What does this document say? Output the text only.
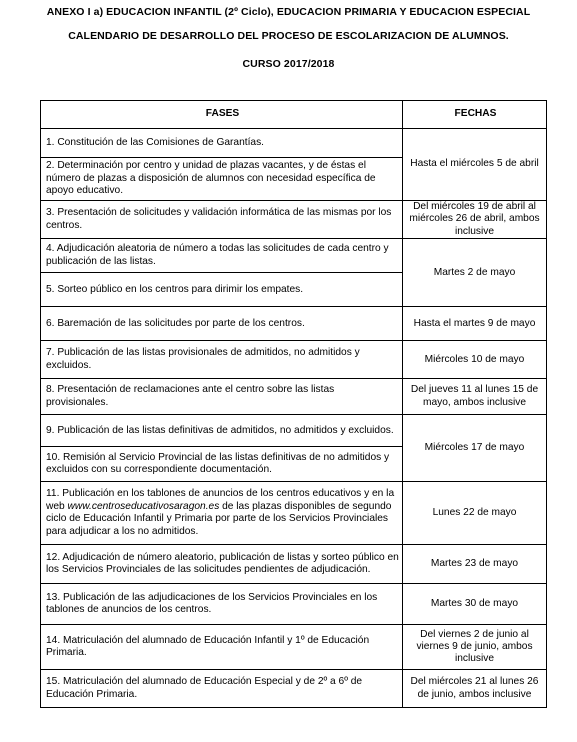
ANEXO I a) EDUCACION INFANTIL (2º Ciclo), EDUCACION PRIMARIA Y EDUCACION ESPECIAL
CALENDARIO DE DESARROLLO DEL PROCESO DE ESCOLARIZACION DE ALUMNOS.
CURSO 2017/2018
FASES	FECHAS
1. Constitución de las Comisiones de Garantías.	Hasta el miércoles 5 de abril
2. Determinación por centro y unidad de plazas vacantes, y de éstas el número de plazas a disposición de alumnos con necesidad específica de apoyo educativo.	
3. Presentación de solicitudes y validación informática de las mismas por los centros.	Del miércoles 19 de abril al miércoles 26 de abril, ambos inclusive
4. Adjudicación aleatoria de número a todas las solicitudes de cada centro y publicación de las listas.	Martes 2 de mayo
5. Sorteo público en los centros para dirimir los empates.	
6. Baremación de las solicitudes por parte de los centros.	Hasta el martes 9 de mayo
7. Publicación de las listas provisionales de admitidos, no admitidos y excluidos.	Miércoles 10 de mayo
8. Presentación de reclamaciones ante el centro sobre las listas provisionales.	Del jueves 11 al lunes 15 de mayo, ambos inclusive
9. Publicación de las listas definitivas de admitidos, no admitidos y excluidos.	Miércoles 17 de mayo
10. Remisión al Servicio Provincial de las listas definitivas de no admitidos y excluidos con su correspondiente documentación.	
11. Publicación en los tablones de anuncios de los centros educativos y en la web www.centroseducativosaragon.es de las plazas disponibles de segundo ciclo de Educación Infantil y Primaria por parte de los Servicios Provinciales para adjudicar a los no admitidos.	Lunes 22 de mayo
12. Adjudicación de número aleatorio, publicación de listas y sorteo público en los Servicios Provinciales de las solicitudes pendientes de adjudicación.	Martes 23 de mayo
13. Publicación de las adjudicaciones de los Servicios Provinciales en los tablones de anuncios de los centros.	Martes 30 de mayo
14. Matriculación del alumnado de Educación Infantil y 1º de Educación Primaria.	Del viernes 2 de junio al viernes 9 de junio, ambos inclusive
15. Matriculación del alumnado de Educación Especial y de 2º a 6º de Educación Primaria.	Del miércoles 21 al lunes 26 de junio, ambos inclusive
